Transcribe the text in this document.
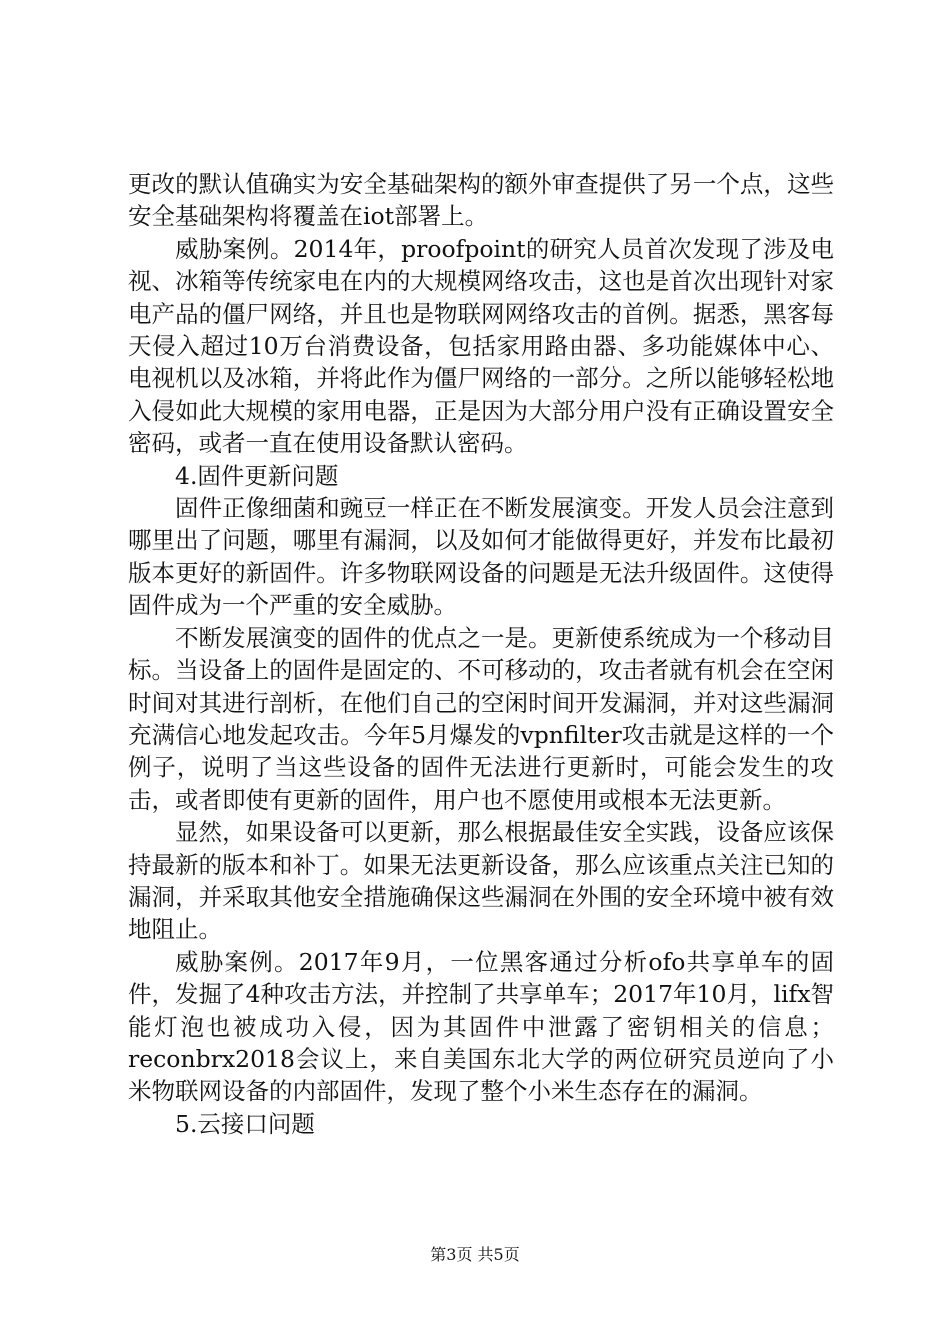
更改的默认值确实为安全基础架构的额外审查提供了另一个点，这些安全基础架构将覆盖在iot部署上。

威胁案例。2014年，proofpoint的研究人员首次发现了涉及电视、冰箱等传统家电在内的大规模网络攻击，这也是首次出现针对家电产品的僵尸网络，并且也是物联网网络攻击的首例。据悉，黑客每天侵入超过10万台消费设备，包括家用路由器、多功能媒体中心、电视机以及冰箱，并将此作为僵尸网络的一部分。之所以能够轻松地入侵如此大规模的家用电器，正是因为大部分用户没有正确设置安全密码，或者一直在使用设备默认密码。

4.固件更新问题

固件正像细菌和豌豆一样正在不断发展演变。开发人员会注意到哪里出了问题，哪里有漏洞，以及如何才能做得更好，并发布比最初版本更好的新固件。许多物联网设备的问题是无法升级固件。这使得固件成为一个严重的安全威胁。

不断发展演变的固件的优点之一是。更新使系统成为一个移动目标。当设备上的固件是固定的、不可移动的，攻击者就有机会在空闲时间对其进行剖析，在他们自己的空闲时间开发漏洞，并对这些漏洞充满信心地发起攻击。今年5月爆发的vpnfilter攻击就是这样的一个例子，说明了当这些设备的固件无法进行更新时，可能会发生的攻击，或者即使有更新的固件，用户也不愿使用或根本无法更新。

显然，如果设备可以更新，那么根据最佳安全实践，设备应该保持最新的版本和补丁。如果无法更新设备，那么应该重点关注已知的漏洞，并采取其他安全措施确保这些漏洞在外围的安全环境中被有效地阻止。

威胁案例。2017年9月，一位黑客通过分析ofo共享单车的固件，发掘了4种攻击方法，并控制了共享单车；2017年10月，lifx智能灯泡也被成功入侵，因为其固件中泄露了密钥相关的信息；reconbrx2018会议上，来自美国东北大学的两位研究员逆向了小米物联网设备的内部固件，发现了整个小米生态存在的漏洞。

5.云接口问题

第3页 共5页
